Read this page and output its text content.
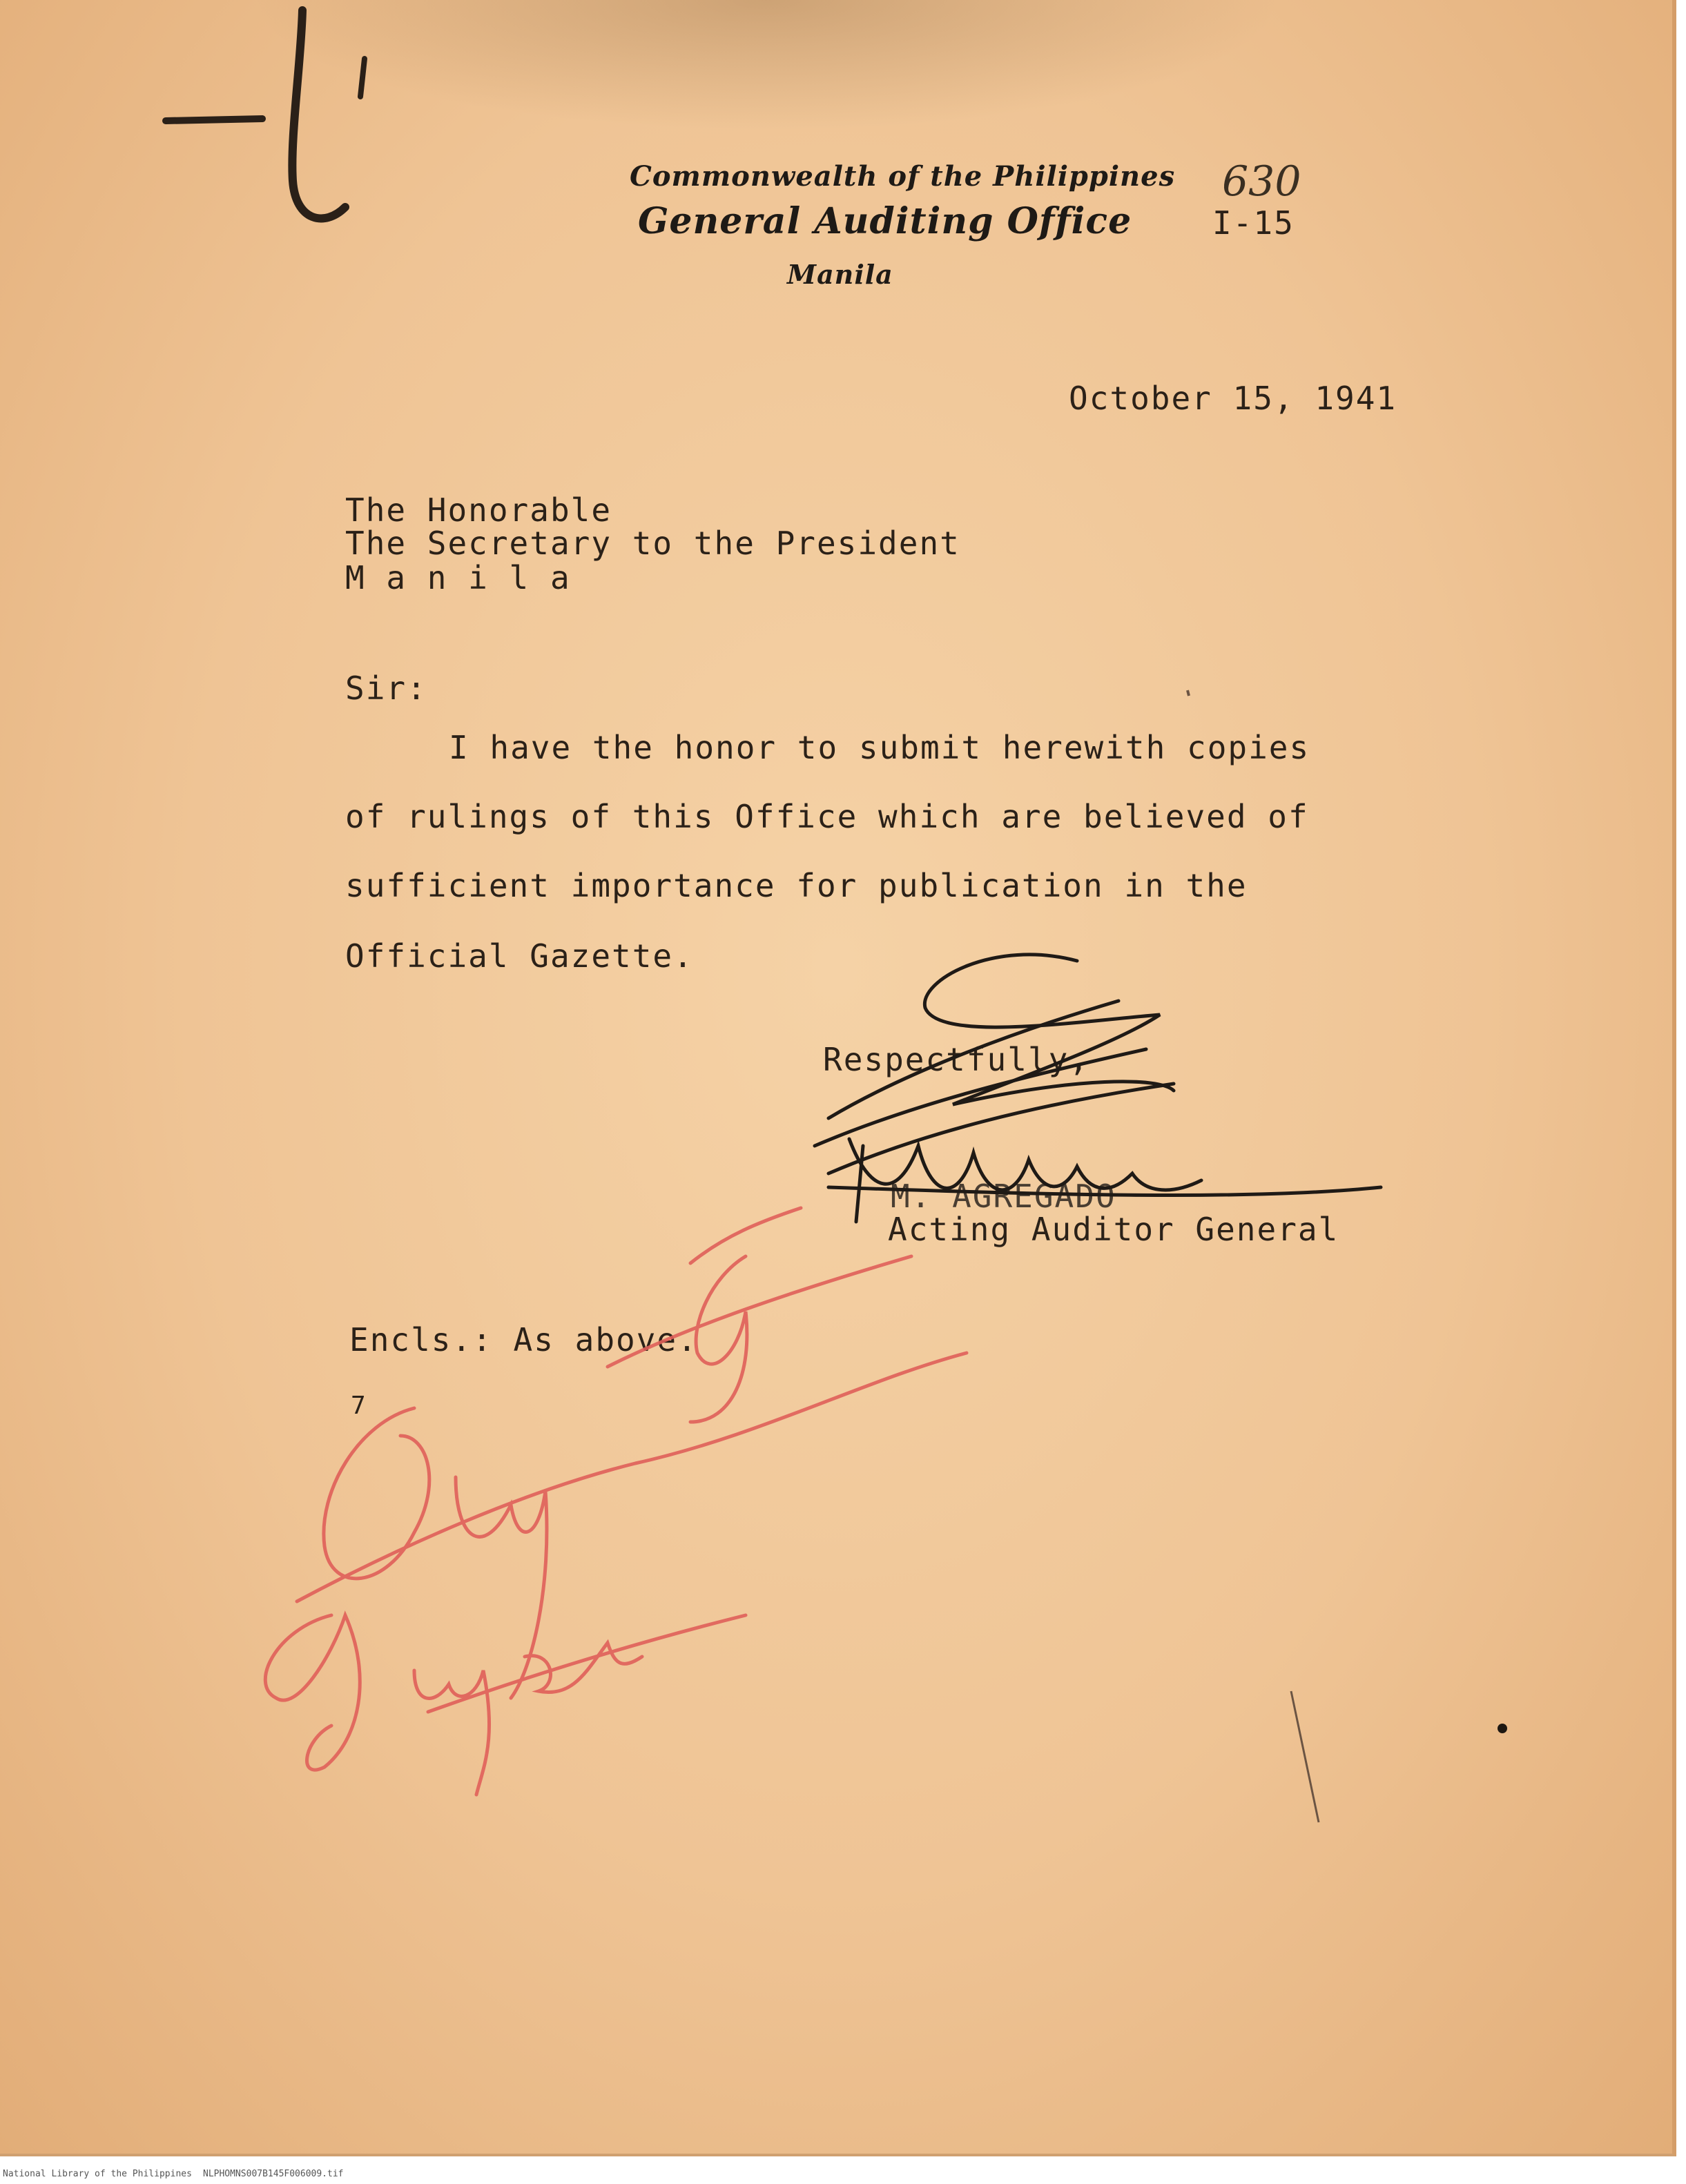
Commonwealth of the Philippines
General Auditing Office
Manila
630
I-15
October 15, 1941
The Honorable
The Secretary to the President
M a n i l a
Sir:
I have the honor to submit herewith copies
of rulings of this Office which are believed of
sufficient importance for publication in the
Official Gazette.
Respectfully,
M. AGREGADO
Acting Auditor General
Encls.: As above.
7
National Library of the Philippines NLPHOMNS007B145F006009.tif
